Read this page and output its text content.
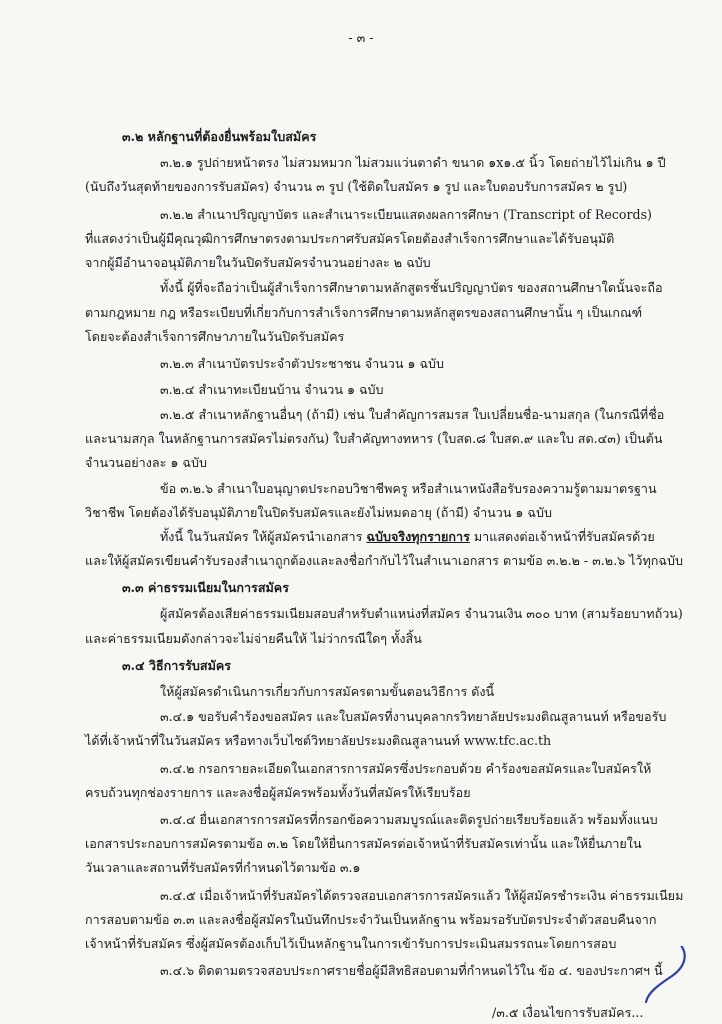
- ๓ -
๓.๒ หลักฐานที่ต้องยื่นพร้อมใบสมัคร
๓.๒.๑ รูปถ่ายหน้าตรง ไม่สวมหมวก ไม่สวมแว่นตาดำ ขนาด ๑x๑.๕ นิ้ว โดยถ่ายไว้ไม่เกิน ๑ ปี
(นับถึงวันสุดท้ายของการรับสมัคร) จำนวน ๓ รูป (ใช้ติดใบสมัคร ๑ รูป และใบตอบรับการสมัคร ๒ รูป)
๓.๒.๒ สำเนาปริญญาบัตร และสำเนาระเบียนแสดงผลการศึกษา (Transcript of Records)
ที่แสดงว่าเป็นผู้มีคุณวุฒิการศึกษาตรงตามประกาศรับสมัครโดยต้องสำเร็จการศึกษาและได้รับอนุมัติ
จากผู้มีอำนาจอนุมัติภายในวันปิดรับสมัครจำนวนอย่างละ ๒ ฉบับ
ทั้งนี้ ผู้ที่จะถือว่าเป็นผู้สำเร็จการศึกษาตามหลักสูตรชั้นปริญญาบัตร ของสถานศึกษาใดนั้นจะถือ
ตามกฎหมาย กฎ หรือระเบียบที่เกี่ยวกับการสำเร็จการศึกษาตามหลักสูตรของสถานศึกษานั้น ๆ เป็นเกณฑ์
โดยจะต้องสำเร็จการศึกษาภายในวันปิดรับสมัคร
๓.๒.๓ สำเนาบัตรประจำตัวประชาชน จำนวน ๑ ฉบับ
๓.๒.๔ สำเนาทะเบียนบ้าน จำนวน ๑ ฉบับ
๓.๒.๕ สำเนาหลักฐานอื่นๆ (ถ้ามี) เช่น ใบสำคัญการสมรส ใบเปลี่ยนชื่อ-นามสกุล (ในกรณีที่ชื่อ
และนามสกุล ในหลักฐานการสมัครไม่ตรงกัน) ใบสำคัญทางทหาร (ใบสด.๘ ใบสด.๙ และใบ สด.๔๓) เป็นต้น
จำนวนอย่างละ ๑ ฉบับ
ข้อ ๓.๒.๖ สำเนาใบอนุญาตประกอบวิชาชีพครู หรือสำเนาหนังสือรับรองความรู้ตามมาตรฐาน
วิชาชีพ โดยต้องได้รับอนุมัติภายในปิดรับสมัครและยังไม่หมดอายุ (ถ้ามี) จำนวน ๑ ฉบับ
ทั้งนี้ ในวันสมัคร ให้ผู้สมัครนำเอกสาร ฉบับจริงทุกรายการ มาแสดงต่อเจ้าหน้าที่รับสมัครด้วย
และให้ผู้สมัครเขียนคำรับรองสำเนาถูกต้องและลงชื่อกำกับไว้ในสำเนาเอกสาร ตามข้อ ๓.๒.๒ - ๓.๒.๖ ไว้ทุกฉบับ
๓.๓ ค่าธรรมเนียมในการสมัคร
ผู้สมัครต้องเสียค่าธรรมเนียมสอบสำหรับตำแหน่งที่สมัคร จำนวนเงิน ๓๐๐ บาท (สามร้อยบาทถ้วน)
และค่าธรรมเนียมดังกล่าวจะไม่จ่ายคืนให้ ไม่ว่ากรณีใดๆ ทั้งสิ้น
๓.๔ วิธีการรับสมัคร
ให้ผู้สมัครดำเนินการเกี่ยวกับการสมัครตามขั้นตอนวิธีการ ดังนี้
๓.๔.๑ ขอรับคำร้องขอสมัคร และใบสมัครที่งานบุคลากรวิทยาลัยประมงติณสูลานนท์ หรือขอรับ
ได้ที่เจ้าหน้าที่ในวันสมัคร หรือทางเว็บไซต์วิทยาลัยประมงติณสูลานนท์ www.tfc.ac.th
๓.๔.๒ กรอกรายละเอียดในเอกสารการสมัครซึ่งประกอบด้วย คำร้องขอสมัครและใบสมัครให้
ครบถ้วนทุกช่องรายการ และลงชื่อผู้สมัครพร้อมทั้งวันที่สมัครให้เรียบร้อย
๓.๔.๔ ยื่นเอกสารการสมัครที่กรอกข้อความสมบูรณ์และติดรูปถ่ายเรียบร้อยแล้ว พร้อมทั้งแนบ
เอกสารประกอบการสมัครตามข้อ ๓.๒ โดยให้ยื่นการสมัครต่อเจ้าหน้าที่รับสมัครเท่านั้น และให้ยื่นภายใน
วันเวลาและสถานที่รับสมัครที่กำหนดไว้ตามข้อ ๓.๑
๓.๔.๕ เมื่อเจ้าหน้าที่รับสมัครได้ตรวจสอบเอกสารการสมัครแล้ว ให้ผู้สมัครชำระเงิน ค่าธรรมเนียม
การสอบตามข้อ ๓.๓ และลงชื่อผู้สมัครในบันทึกประจำวันเป็นหลักฐาน พร้อมรอรับบัตรประจำตัวสอบคืนจาก
เจ้าหน้าที่รับสมัคร ซึ่งผู้สมัครต้องเก็บไว้เป็นหลักฐานในการเข้ารับการประเมินสมรรถนะโดยการสอบ
๓.๔.๖ ติดตามตรวจสอบประกาศรายชื่อผู้มีสิทธิสอบตามที่กำหนดไว้ใน ข้อ ๔. ของประกาศฯ นี้
/๓.๕ เงื่อนไขการรับสมัคร...
